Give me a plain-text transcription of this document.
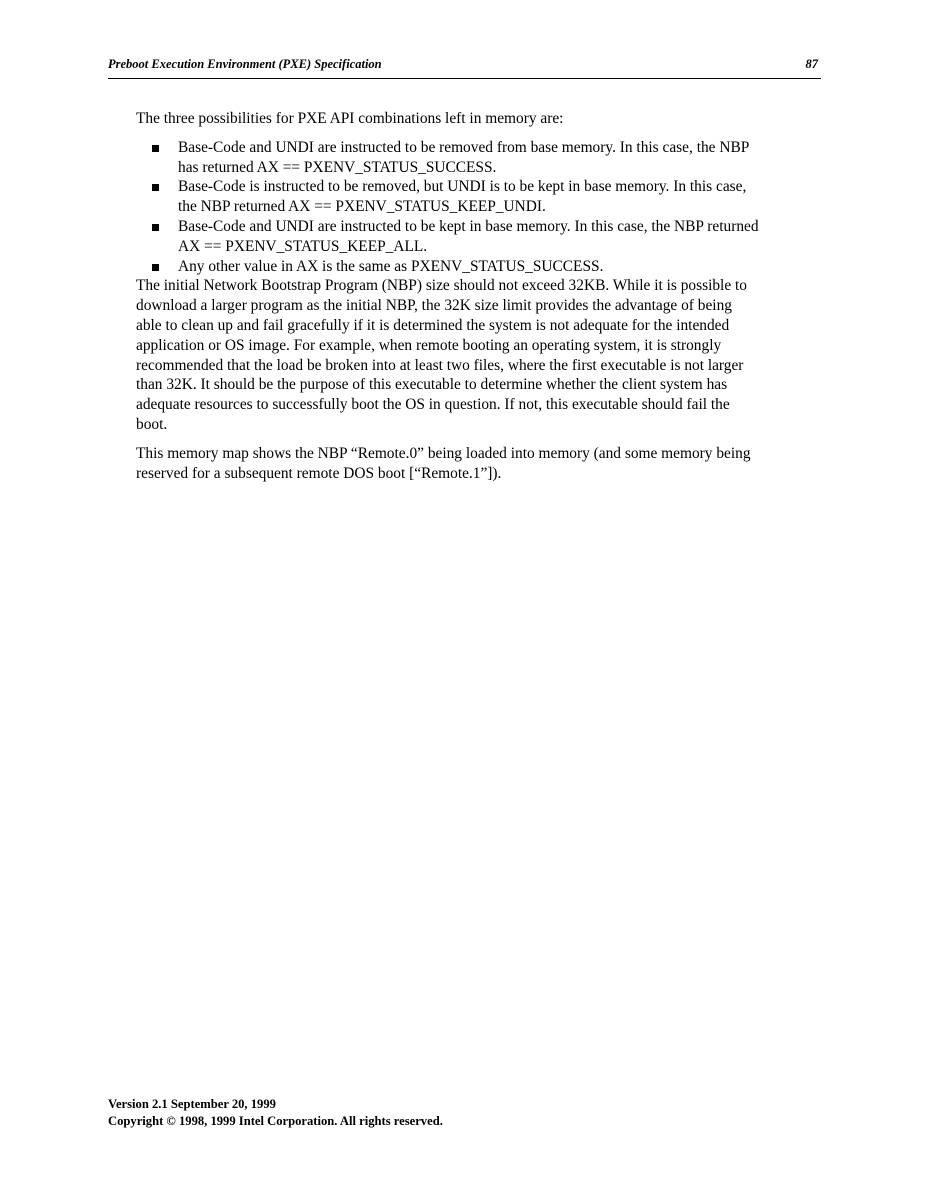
Preboot Execution Environment (PXE) Specification	87

The three possibilities for PXE API combinations left in memory are:

Base-Code and UNDI are instructed to be removed from base memory. In this case, the NBP
has returned AX == PXENV_STATUS_SUCCESS.
Base-Code is instructed to be removed, but UNDI is to be kept in base memory. In this case,
the NBP returned AX == PXENV_STATUS_KEEP_UNDI.
Base-Code and UNDI are instructed to be kept in base memory. In this case, the NBP returned
AX == PXENV_STATUS_KEEP_ALL.
Any other value in AX is the same as PXENV_STATUS_SUCCESS.

The initial Network Bootstrap Program (NBP) size should not exceed 32KB. While it is possible to
download a larger program as the initial NBP, the 32K size limit provides the advantage of being
able to clean up and fail gracefully if it is determined the system is not adequate for the intended
application or OS image. For example, when remote booting an operating system, it is strongly
recommended that the load be broken into at least two files, where the first executable is not larger
than 32K. It should be the purpose of this executable to determine whether the client system has
adequate resources to successfully boot the OS in question. If not, this executable should fail the
boot.

This memory map shows the NBP “Remote.0” being loaded into memory (and some memory being
reserved for a subsequent remote DOS boot [“Remote.1”]).

Version 2.1 September 20, 1999
Copyright © 1998, 1999 Intel Corporation. All rights reserved.
